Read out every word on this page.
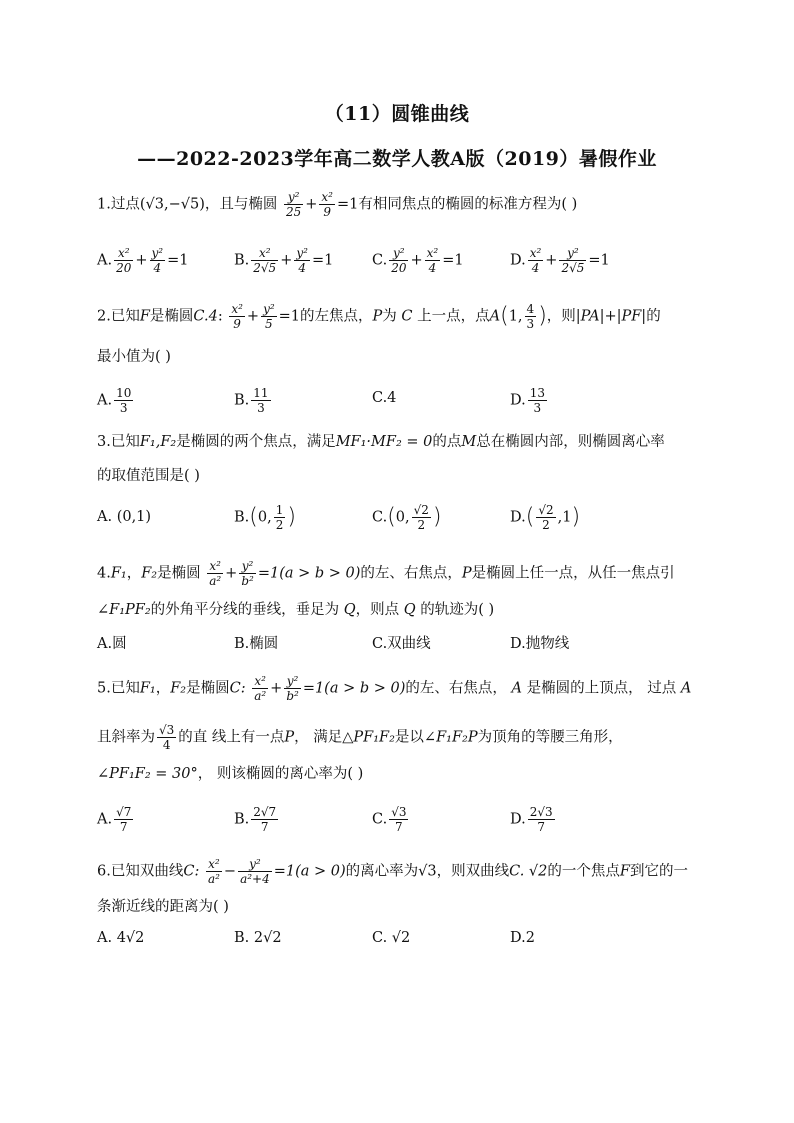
（11）圆锥曲线
——2022-2023学年高二数学人教A版（2019）暑假作业
1.过点(√3,−√5)，且与椭圆 $\frac{\text{y²}}{25} + \frac{\text{x²}}{9} =1$有相同焦点的椭圆的标准方程为( )
A. $\frac{\text{x²}}{20} + \frac{\text{y²}}{4} =1$	B. $\frac{\text{x²}}{2√5} + \frac{\text{y²}}{4} =1$	C. $\frac{\text{y²}}{20} + \frac{\text{x²}}{4} =1$	D. $\frac{\text{x²}}{4} + \frac{\text{y²}}{2√5} =1$
2.已知F是椭圆C.4: $\frac{\text{x²}}{9} + \frac{\text{y²}}{5} =1$的左焦点，P为 C 上一点，点A(1, $\frac{4}{3}$ )，则|PA|+|PF|的
最小值为( )
A. $\frac{10}{3}$	B. $\frac{11}{3}$	C.4	D. $\frac{13}{3}$
3.已知F₁,F₂是椭圆的两个焦点，满足MF₁·MF₂ = 0的点M总在椭圆内部，则椭圆离心率
的取值范围是( )
A. (0,1)	B.(0, $\frac{1}{2}$ )	C.(0, $\frac{√2}{2}$ )	$D.( \frac{√2}{2} ,1)$
4.F₁，F₂是椭圆 $\frac{\text{x²}}{\text{a²}} + \frac{\text{y²}}{\text{b²}} =1(a > b > 0)$的左、右焦点，P是椭圆上任一点，从任一焦点引
∠F₁PF₂的外角平分线的垂线，垂足为 Q，则点 Q 的轨迹为( )
A.圆	B.椭圆	C.双曲线	D.抛物线
5.已知F₁，F₂是椭圆C: $\frac{\text{x²}}{\text{a²}} + \frac{\text{y²}}{\text{b²}} =1(a > b > 0)$的左、右焦点， A 是椭圆的上顶点， 过点 A
且斜率为 $\frac{√3}{4}$ 的直 线上有一点P， 满足△PF₁F₂是以∠F₁F₂P为顶角的等腰三角形，
∠PF₁F₂ = 30°， 则该椭圆的离心率为( )
A. $\frac{√7}{7}$	B. $\frac{2√7}{7}$	C. $\frac{√3}{7}$	D. $\frac{2√3}{7}$
6.已知双曲线C: $\frac{\text{x²}}{\text{a²}} - \frac{\text{y²}}{\text{a²+4}} =1(a > 0)$的离心率为√3，则双曲线C. √2的一个焦点F到它的一
条渐近线的距离为( )
A. 4√2	B. 2√2	C. √2	D.2
